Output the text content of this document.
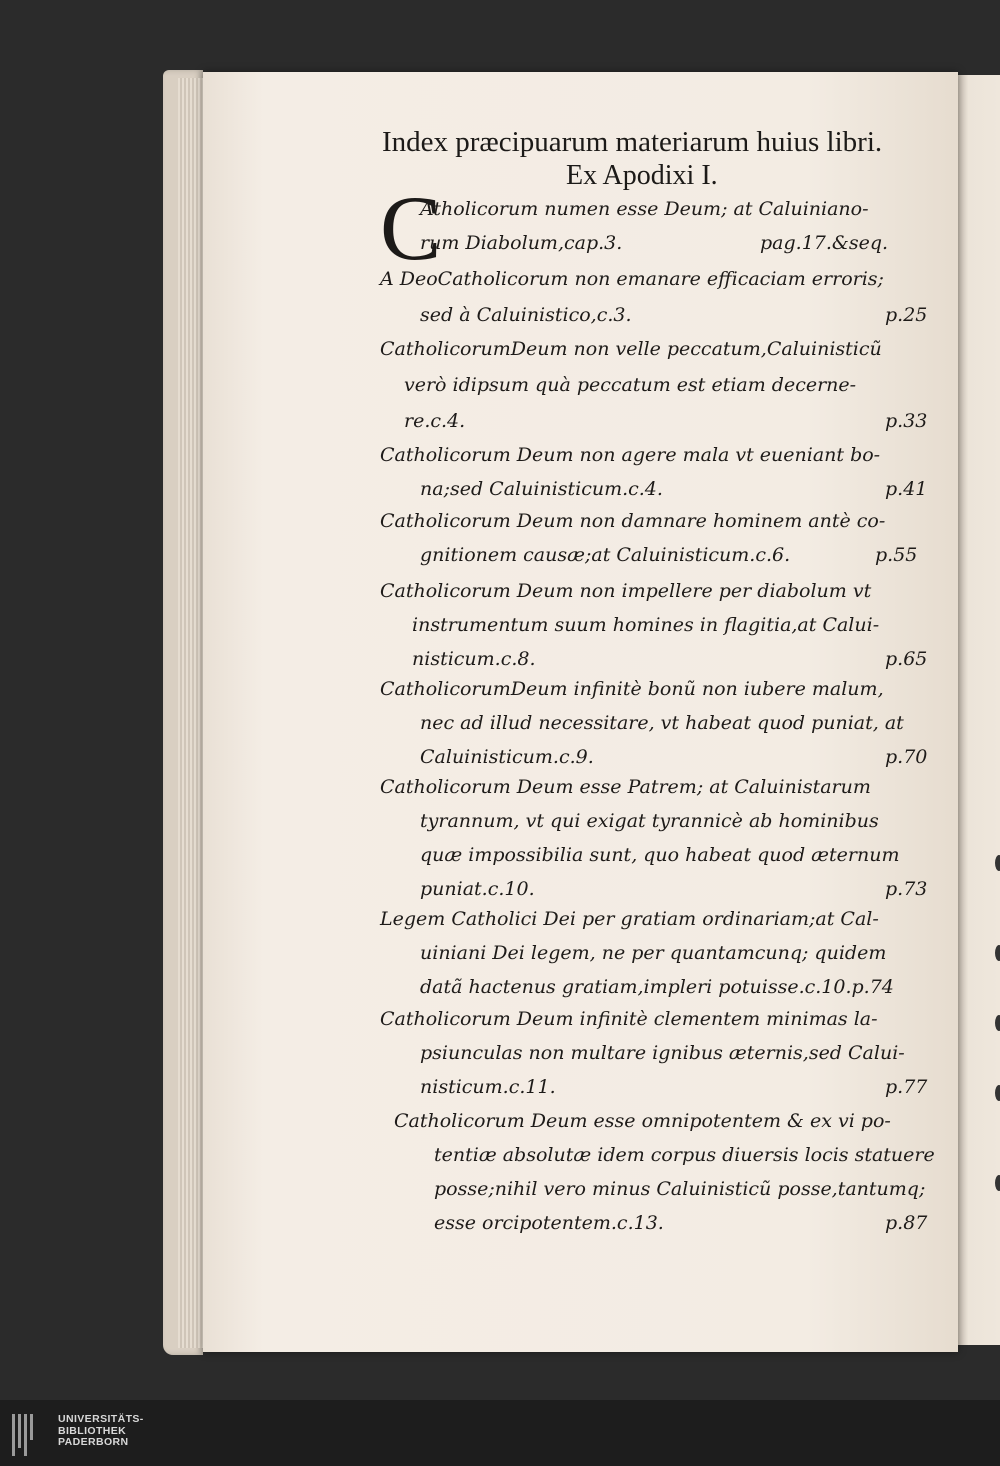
Index præcipuarum materiarum huius libri.
Ex Apodixi I.
C
Atholicorum numen esse Deum; at Caluiniano-
rum Diabolum,cap.3.	pag.17.&seq.
A DeoCatholicorum non emanare efficaciam erroris;
sed à Caluinistico,c.3.	p.25
CatholicorumDeum non velle peccatum,Caluinisticũ
verò idipsum quà peccatum est etiam decerne-
re.c.4.	p.33
Catholicorum Deum non agere mala vt eueniant bo-
na;sed Caluinisticum.c.4.	p.41
Catholicorum Deum non damnare hominem antè co-
gnitionem causæ;at Caluinisticum.c.6.	p.55
Catholicorum Deum non impellere per diabolum vt
instrumentum suum homines in flagitia,at Calui-
nisticum.c.8.	p.65
CatholicorumDeum infinitè bonũ non iubere malum,
nec ad illud necessitare, vt habeat quod puniat, at
Caluinisticum.c.9.	p.70
Catholicorum Deum esse Patrem; at Caluinistarum
tyrannum, vt qui exigat tyrannicè ab hominibus
quæ impossibilia sunt, quo habeat quod æternum
puniat.c.10.	p.73
Legem Catholici Dei per gratiam ordinariam;at Cal-
uiniani Dei legem, ne per quantamcunq; quidem
datã hactenus gratiam,impleri potuisse.c.10.p.74
Catholicorum Deum infinitè clementem minimas la-
psiunculas non multare ignibus æternis,sed Calui-
nisticum.c.11.	p.77
Catholicorum Deum esse omnipotentem & ex vi po-
tentiæ absolutæ idem corpus diuersis locis statuere
posse;nihil vero minus Caluinisticũ posse,tantumq;
esse orcipotentem.c.13.	p.87
UNIVERSITÄTS-
BIBLIOTHEK
PADERBORN
